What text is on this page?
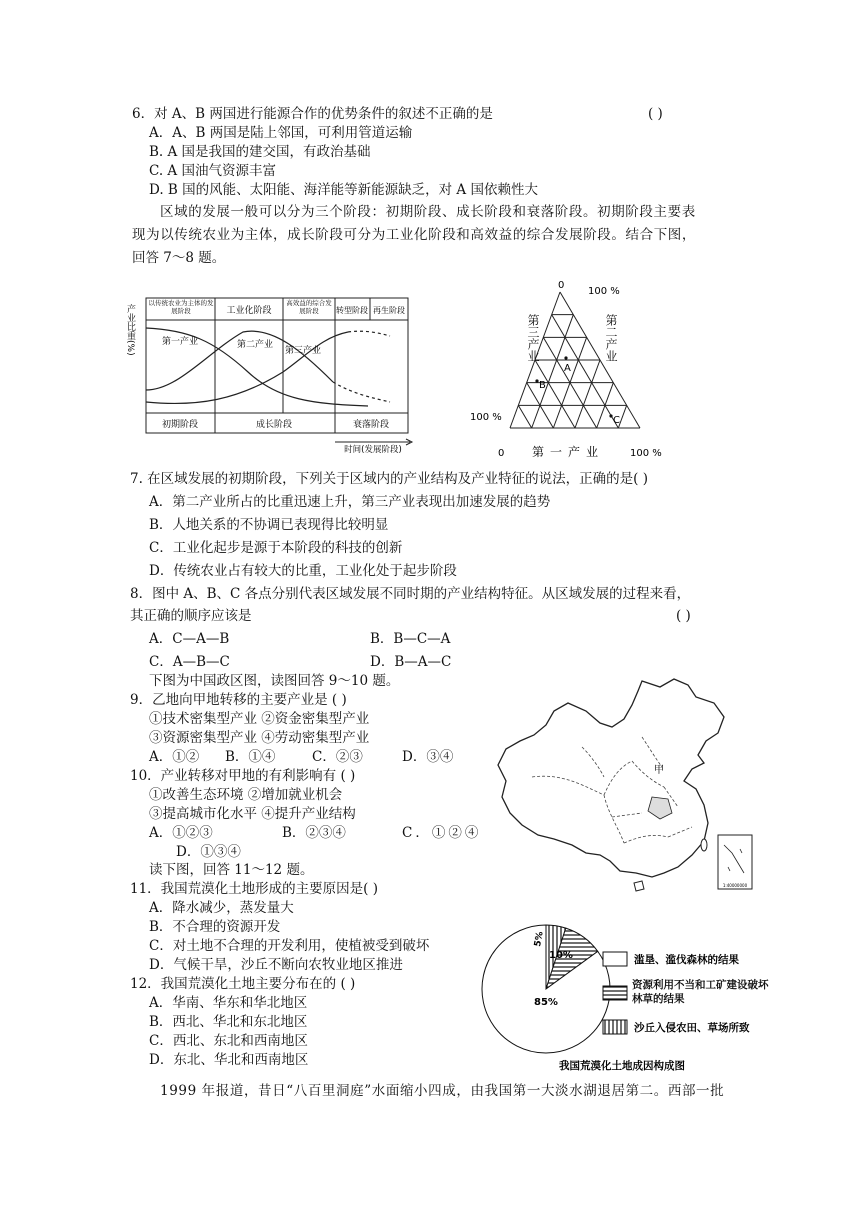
6．对 A、B 两国进行能源合作的优势条件的叙述不正确的是	( )
A．A、B 两国是陆上邻国，可利用管道运输
B. A 国是我国的建交国，有政治基础
C. A 国油气资源丰富
D. B 国的风能、太阳能、海洋能等新能源缺乏，对 A 国依赖性大
区域的发展一般可以分为三个阶段：初期阶段、成长阶段和衰落阶段。初期阶段主要表
现为以传统农业为主体，成长阶段可分为工业化阶段和高效益的综合发展阶段。结合下图，
回答 7～8 题。
产业比重(%)
以传统农业为主体的发展阶段	工业化阶段
高效益的综合发展阶段	转型阶段 再生阶段
第一产业	第二产业
第三产业
初期阶段	成长阶段	衰落阶段
时间(发展阶段)
0
100 %
100 %
0	100 %
第三产业	第二产业
第一产业
A
B
C
7. 在区域发展的初期阶段，下列关于区域内的产业结构及产业特征的说法，正确的是( )
A．第二产业所占的比重迅速上升，第三产业表现出加速发展的趋势
B．人地关系的不协调已表现得比较明显
C．工业化起步是源于本阶段的科技的创新
D．传统农业占有较大的比重，工业化处于起步阶段
8．图中 A、B、C 各点分别代表区域发展不同时期的产业结构特征。从区域发展的过程来看，
其正确的顺序应该是	( )
A．C—A—B	B．B—C—A
C．A—B—C	D．B—A—C
下图为中国政区图，读图回答 9～10 题。
9．乙地向甲地转移的主要产业是 ( )
①技术密集型产业 ②资金密集型产业
③资源密集型产业 ④劳动密集型产业
A．①② B．①④	C．②③	D．③④
10．产业转移对甲地的有利影响有 ( )
①改善生态环境 ②增加就业机会
③提高城市化水平 ④提升产业结构
A．①②③	B．②③④	C．①②④
D．①③④
甲
1:40000000
读下图，回答 11～12 题。
11．我国荒漠化土地形成的主要原因是( )
A．降水减少，蒸发量大
B．不合理的资源开发
C．对土地不合理的开发利用，使植被受到破坏
D．气候干旱，沙丘不断向农牧业地区推进
12．我国荒漠化土地主要分布在的 ( )
A．华南、华东和华北地区
B．西北、华北和东北地区
C．西北、东北和西南地区
D．东北、华北和西南地区
85%
10%
5%
滥垦、滥伐森林的结果
资源利用不当和工矿建设破坏林草的结果
沙丘入侵农田、草场所致
我国荒漠化土地成因构成图
1999 年报道，昔日“八百里洞庭”水面缩小四成，由我国第一大淡水湖退居第二。西部一批
